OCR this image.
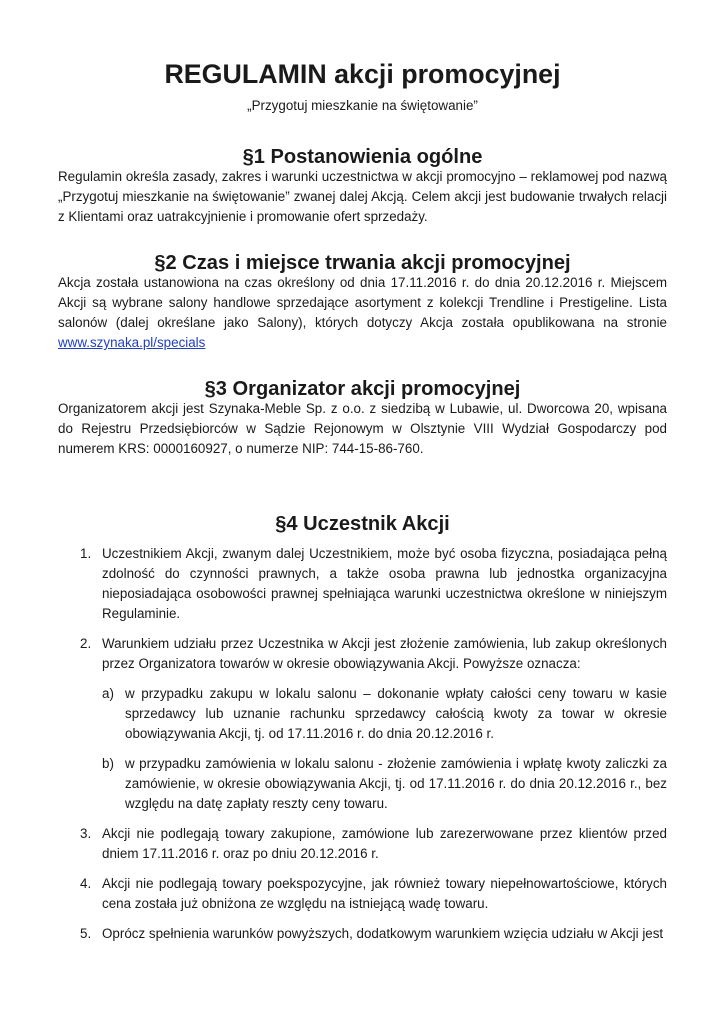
REGULAMIN akcji promocyjnej

„Przygotuj mieszkanie na świętowanie”

§1 Postanowienia ogólne

Regulamin określa zasady, zakres i warunki uczestnictwa w akcji promocyjno – reklamowej pod nazwą „Przygotuj mieszkanie na świętowanie” zwanej dalej Akcją. Celem akcji jest budowanie trwałych relacji z Klientami oraz uatrakcyjnienie i promowanie ofert sprzedaży.

§2 Czas i miejsce trwania akcji promocyjnej

Akcja została ustanowiona na czas określony od dnia 17.11.2016 r. do dnia 20.12.2016 r. Miejscem Akcji są wybrane salony handlowe sprzedające asortyment z kolekcji Trendline i Prestigeline. Lista salonów (dalej określane jako Salony), których dotyczy Akcja została opublikowana na stronie www.szynaka.pl/specials

§3 Organizator akcji promocyjnej

Organizatorem akcji jest Szynaka-Meble Sp. z o.o. z siedzibą w Lubawie, ul. Dworcowa 20, wpisana do Rejestru Przedsiębiorców w Sądzie Rejonowym w Olsztynie VIII Wydział Gospodarczy pod numerem KRS: 0000160927, o numerze NIP: 744-15-86-760.

§4 Uczestnik Akcji
1. Uczestnikiem Akcji, zwanym dalej Uczestnikiem, może być osoba fizyczna, posiadająca pełną zdolność do czynności prawnych, a także osoba prawna lub jednostka organizacyjna nieposiadająca osobowości prawnej spełniająca warunki uczestnictwa określone w niniejszym Regulaminie.
2. Warunkiem udziału przez Uczestnika w Akcji jest złożenie zamówienia, lub zakup określonych przez Organizatora towarów w okresie obowiązywania Akcji. Powyższe oznacza:
a) w przypadku zakupu w lokalu salonu – dokonanie wpłaty całości ceny towaru w kasie sprzedawcy lub uznanie rachunku sprzedawcy całością kwoty za towar w okresie obowiązywania Akcji, tj. od 17.11.2016 r. do dnia 20.12.2016 r.
b) w przypadku zamówienia w lokalu salonu - złożenie zamówienia i wpłatę kwoty zaliczki za zamówienie, w okresie obowiązywania Akcji, tj. od 17.11.2016 r. do dnia 20.12.2016 r., bez względu na datę zapłaty reszty ceny towaru.
3. Akcji nie podlegają towary zakupione, zamówione lub zarezerwowane przez klientów przed dniem 17.11.2016 r. oraz po dniu 20.12.2016 r.
4. Akcji nie podlegają towary poekspozycyjne, jak również towary niepełnowartościowe, których cena została już obniżona ze względu na istniejącą wadę towaru.
5. Oprócz spełnienia warunków powyższych, dodatkowym warunkiem wzięcia udziału w Akcji jest
